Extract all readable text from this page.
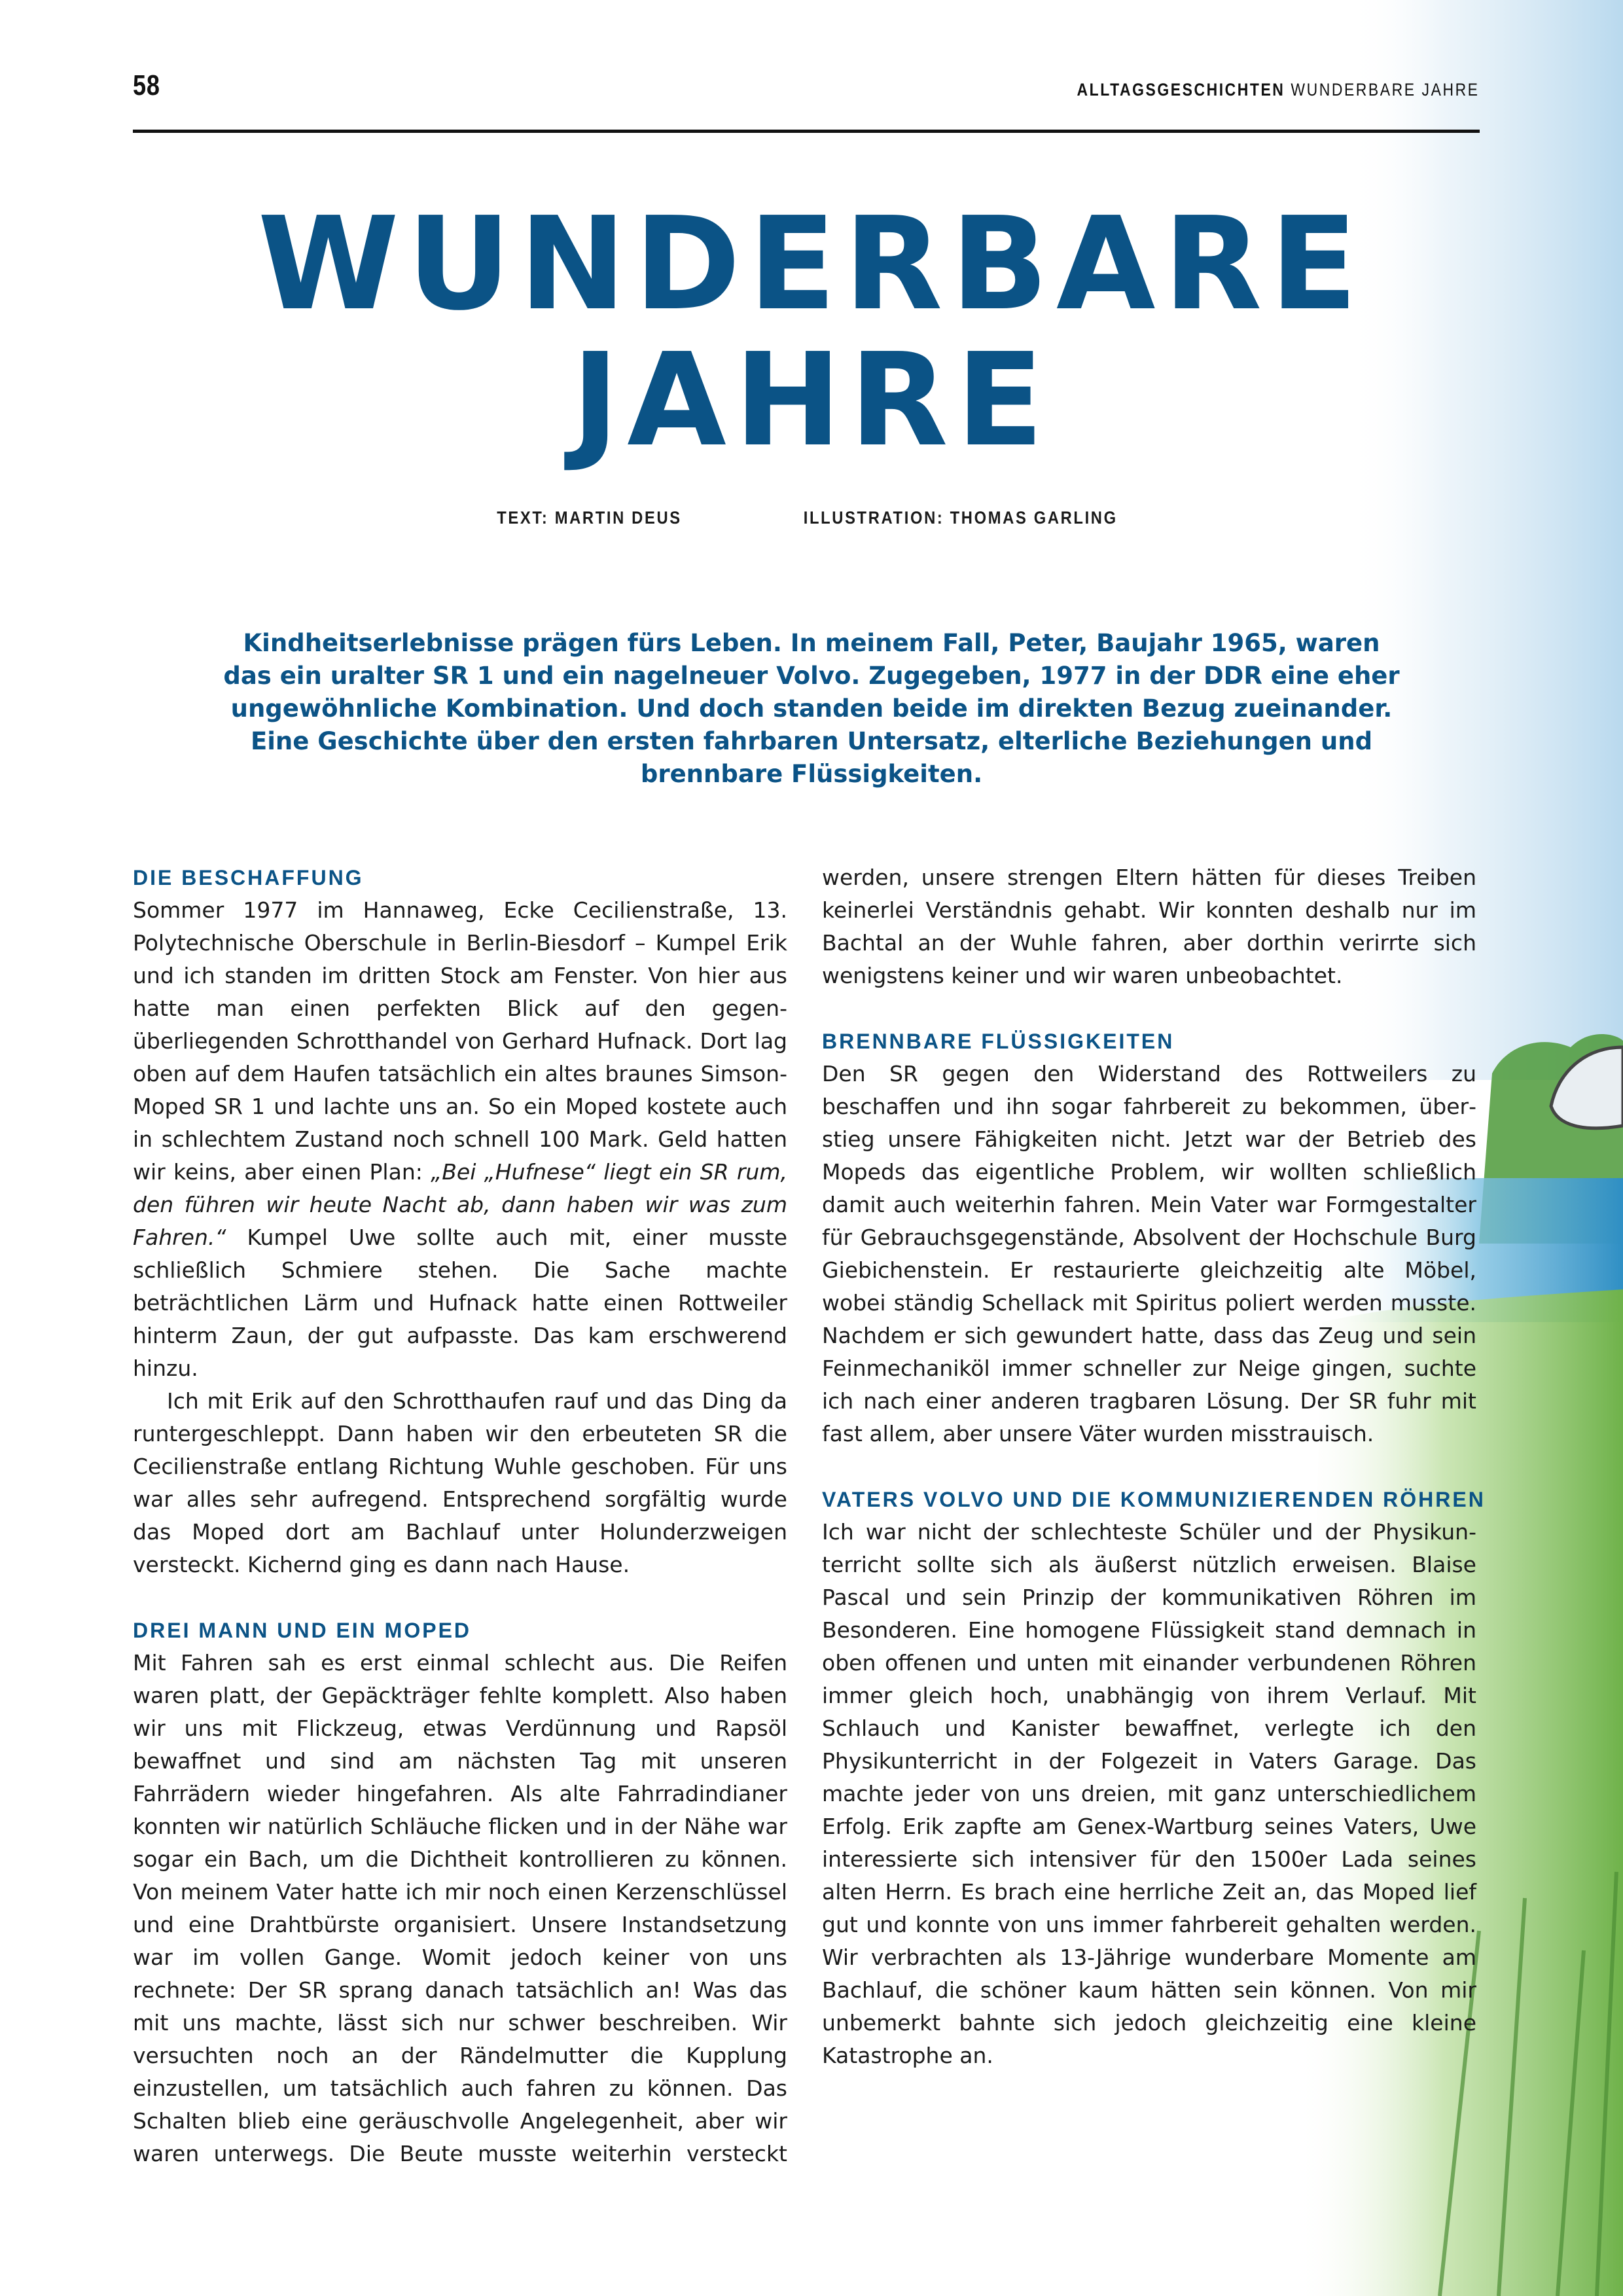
58	ALLTAGSGESCHICHTEN WUNDERBARE JAHRE
WUNDERBARE
JAHRE
TEXT: MARTIN DEUS	ILLUSTRATION: THOMAS GARLING
Kindheitserlebnisse prägen fürs Leben. In meinem Fall, Peter, Baujahr 1965, waren das ein uralter SR 1 und ein nagelneuer Volvo. Zugegeben, 1977 in der DDR eine eher ungewöhnliche Kombination. Und doch standen beide im direkten Bezug zueinander. Eine Geschichte über den ersten fahrbaren Untersatz, elterliche Beziehungen und brennbare Flüssigkeiten.
DIE BESCHAFFUNG

Sommer 1977 im Hannaweg, Ecke Cecilienstraße, 13. Polytechnische Oberschule in Berlin-Biesdorf – Kumpel Erik und ich standen im dritten Stock am Fenster. Von hier aus hatte man einen perfekten Blick auf den gegenüberliegenden Schrotthandel von Gerhard Hufnack. Dort lag oben auf dem Haufen tatsächlich ein altes braunes Simson-Moped SR 1 und lachte uns an. So ein Moped kostete auch in schlechtem Zustand noch schnell 100 Mark. Geld hatten wir keins, aber einen Plan: „Bei „Hufnese“ liegt ein SR rum, den führen wir heute Nacht ab, dann haben wir was zum Fahren.“ Kumpel Uwe sollte auch mit, einer musste schließlich Schmiere stehen. Die Sache machte beträchtlichen Lärm und Hufnack hatte einen Rottweiler hinterm Zaun, der gut aufpasste. Das kam erschwerend hinzu.

Ich mit Erik auf den Schrotthaufen rauf und das Ding da runtergeschleppt. Dann haben wir den erbeuteten SR die Cecilienstraße entlang Richtung Wuhle geschoben. Für uns war alles sehr aufregend. Entsprechend sorgfältig wurde das Moped dort am Bachlauf unter Holunderzweigen versteckt. Kichernd ging es dann nach Hause.

DREI MANN UND EIN MOPED

Mit Fahren sah es erst einmal schlecht aus. Die Reifen waren platt, der Gepäckträger fehlte komplett. Also haben wir uns mit Flickzeug, etwas Verdünnung und Rapsöl bewaffnet und sind am nächsten Tag mit unseren Fahrrädern wieder hingefahren. Als alte Fahrradindianer konnten wir natürlich Schläuche flicken und in der Nähe war sogar ein Bach, um die Dichtheit kontrollieren zu können. Von meinem Vater hatte ich mir noch einen Kerzenschlüssel und eine Drahtbürste organisiert. Unsere Instandsetzung war im vollen Gange. Womit jedoch keiner von uns rechnete: Der SR sprang danach tatsächlich an! Was das mit uns machte, lässt sich nur schwer beschreiben. Wir versuchten noch an der Rändelmutter die Kupplung einzustellen, um tatsächlich auch fahren zu können. Das Schalten blieb eine geräuschvolle Angelegenheit, aber wir waren unterwegs. Die Beute musste weiterhin versteckt

werden, unsere strengen Eltern hätten für dieses Treiben keinerlei Verständnis gehabt. Wir konnten deshalb nur im Bachtal an der Wuhle fahren, aber dorthin verirrte sich wenigstens keiner und wir waren unbeobachtet.

BRENNBARE FLÜSSIGKEITEN

Den SR gegen den Widerstand des Rottweilers zu beschaffen und ihn sogar fahrbereit zu bekommen, überstieg unsere Fähigkeiten nicht. Jetzt war der Betrieb des Mopeds das eigentliche Problem, wir wollten schließlich damit auch weiterhin fahren. Mein Vater war Formgestalter für Gebrauchsgegenstände, Absolvent der Hochschule Burg Giebichenstein. Er restaurierte gleichzeitig alte Möbel, wobei ständig Schellack mit Spiritus poliert werden musste. Nachdem er sich gewundert hatte, dass das Zeug und sein Feinmechaniköl immer schneller zur Neige gingen, suchte ich nach einer anderen tragbaren Lösung. Der SR fuhr mit fast allem, aber unsere Väter wurden misstrauisch.

VATERS VOLVO UND DIE KOMMUNIZIERENDEN RÖHREN

Ich war nicht der schlechteste Schüler und der Physikunterricht sollte sich als äußerst nützlich erweisen. Blaise Pascal und sein Prinzip der kommunikativen Röhren im Besonderen. Eine homogene Flüssigkeit stand demnach in oben offenen und unten mit einander verbundenen Röhren immer gleich hoch, unabhängig von ihrem Verlauf. Mit Schlauch und Kanister bewaffnet, verlegte ich den Physikunterricht in der Folgezeit in Vaters Garage. Das machte jeder von uns dreien, mit ganz unterschiedlichem Erfolg. Erik zapfte am Genex-Wartburg seines Vaters, Uwe interessierte sich intensiver für den 1500er Lada seines alten Herrn. Es brach eine herrliche Zeit an, das Moped lief gut und konnte von uns immer fahrbereit gehalten werden. Wir verbrachten als 13-Jährige wunderbare Momente am Bachlauf, die schöner kaum hätten sein können. Von mir unbemerkt bahnte sich jedoch gleichzeitig eine kleine Katastrophe an.
